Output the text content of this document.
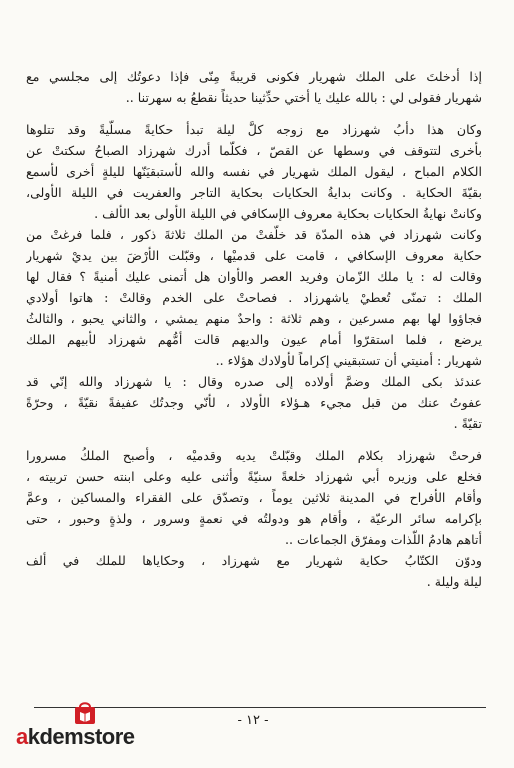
إذا أدخلتَ على الملك شهريار فكونى قريبةً مِنّى فإذا دعوتُك إلى مجلسي مع
شهريار فقولى لي : بالله عليك يا أختي حدِّثينا حديثاً نقطعُ به سهرتنا ..

وكان هذا دأبُ شهرزاد مع زوجه كلَّ ليلة تبدأ حكايةً مسلّيةً وقد تتلوها
بأخرى لتتوقف في وسطها عن القصّ ، فكلّما أدرك شهرزاد الصباحُ سكتتْ عن
الكلام المباح ، ليقول الملك شهريار في نفسه والله لأستبقيَنّها لليلةٍ أخرى لأسمع
بقيّةَ الحكاية . وكانت بدايةُ الحكايات بحكاية التاجر والعفريت في الليلة الأولى،
وكانتْ نهايةُ الحكايات بحكاية معروف الإسكافي في الليلة الأولى بعد الألف .

وكانت شهرزاد في هذه المدّة قد خلّفتْ من الملك ثلاثةَ ذكور ، فلما فرغتْ من
حكاية معروف الإسكافي ، قامت على قدميْها ، وقبّلت الأرْضَ بين يديْ شهريار
وقالت له : يا ملك الزّمان وفريد العصر والأوان هل أتمنى عليك أمنيةً ؟ فقال لها
الملك : تمنّى تُعطيْ ياشهرزاد . فصاحتْ على الخدم وقالتْ : هاتوا أولادي
فجاؤوا لها بهم مسرعين ، وهم ثلاثة : واحدٌ منهم يمشي ، والثاني يحبو ، والثالثُ
يرضع ، فلما استقرّوا أمام عيون والديهم قالت أمُّهم شهرزاد لأبيهم الملك
شهريار : أمنيتي أن تستبقيني إكراماً لأولادك هؤلاء ..

عندئذ بكى الملك وضمَّ أولاده إلى صدره وقال : يا شهرزاد والله إنّي قد
عفوتُ عنك من قبل مجيء هـؤلاء الأولاد ، لأنّي وجدتُك عفيفةً نقيّةً ، وحرّةً
تقيّةً .

فرحتْ شهرزاد بكلام الملك وقبّلتْ يديه وقدميْه ، وأصبح الملكُ مسرورا
فخلع على وزيره أبي شهرزاد خلعةً سنيّةً وأثنى عليه وعلى ابنته حسن تربيته ،
وأقام الأفراح في المدينة ثلاثين يوماً ، وتصدّق على الفقراء والمساكين ، وعمَّ
بإكرامه سائر الرعيّة ، وأقام هو ودولتُه في نعمةٍ وسرور ، ولذةٍ وحبور ، حتى
أتاهم هادمُ اللّذات ومفرّق الجماعات ..

ودوّن الكتّابُ حكاية شهريار مع شهرزاد ، وحكاياها للملك في ألف
ليلة وليلة .

- ١٢ -
akdemstore
